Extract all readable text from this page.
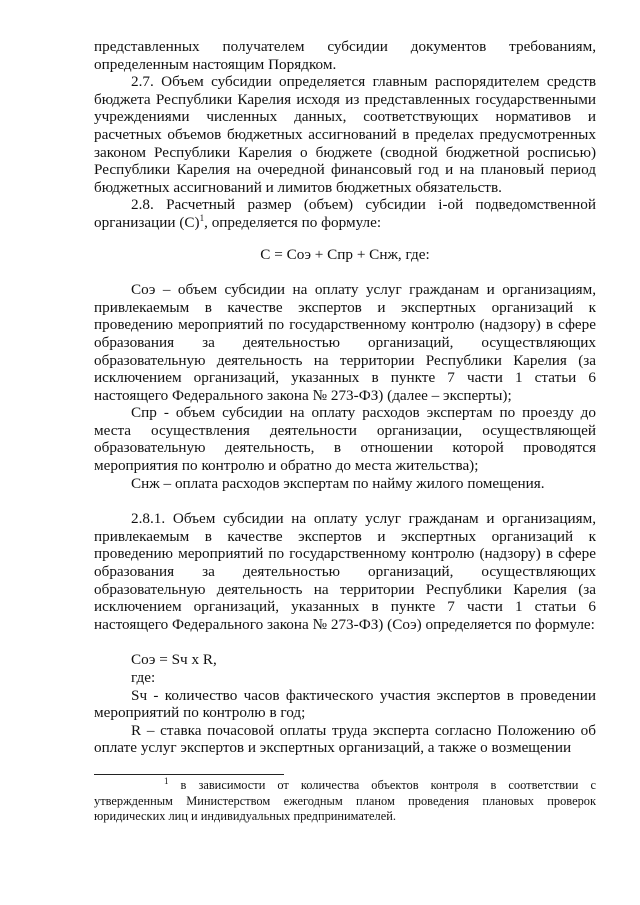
представленных получателем субсидии документов требованиям, определенным настоящим Порядком.

2.7. Объем субсидии определяется главным распорядителем средств бюджета Республики Карелия исходя из представленных государственными учреждениями численных данных, соответствующих нормативов и расчетных объемов бюджетных ассигнований в пределах предусмотренных законом Республики Карелия о бюджете (сводной бюджетной росписью) Республики Карелия на очередной финансовый год и на плановый период бюджетных ассигнований и лимитов бюджетных обязательств.

2.8. Расчетный размер (объем) субсидии i-ой подведомственной организации $(С)^1$, определяется по формуле:

С = Соэ + Спр + Снж, где:

Соэ – объем субсидии на оплату услуг гражданам и организациям, привлекаемым в качестве экспертов и экспертных организаций к проведению мероприятий по государственному контролю (надзору) в сфере образования за деятельностью организаций, осуществляющих образовательную деятельность на территории Республики Карелия (за исключением организаций, указанных в пункте 7 части 1 статьи 6 настоящего Федерального закона № 273-ФЗ) (далее – эксперты);

Спр - объем субсидии на оплату расходов экспертам по проезду до места осуществления деятельности организации, осуществляющей образовательную деятельность, в отношении которой проводятся мероприятия по контролю и обратно до места жительства);

Снж – оплата расходов экспертам по найму жилого помещения.

2.8.1. Объем субсидии на оплату услуг гражданам и организациям, привлекаемым в качестве экспертов и экспертных организаций к проведению мероприятий по государственному контролю (надзору) в сфере образования за деятельностью организаций, осуществляющих образовательную деятельность на территории Республики Карелия (за исключением организаций, указанных в пункте 7 части 1 статьи 6 настоящего Федерального закона № 273-ФЗ) (Соэ) определяется по формуле:

Соэ = Sч x R,

где:

Sч - количество часов фактического участия экспертов в проведении мероприятий по контролю в год;

R – ставка почасовой оплаты труда эксперта согласно Положению об оплате услуг экспертов и экспертных организаций, а также о возмещении

$^1$ в зависимости от количества объектов контроля в соответствии с утвержденным Министерством ежегодным планом проведения плановых проверок юридических лиц и индивидуальных предпринимателей.
